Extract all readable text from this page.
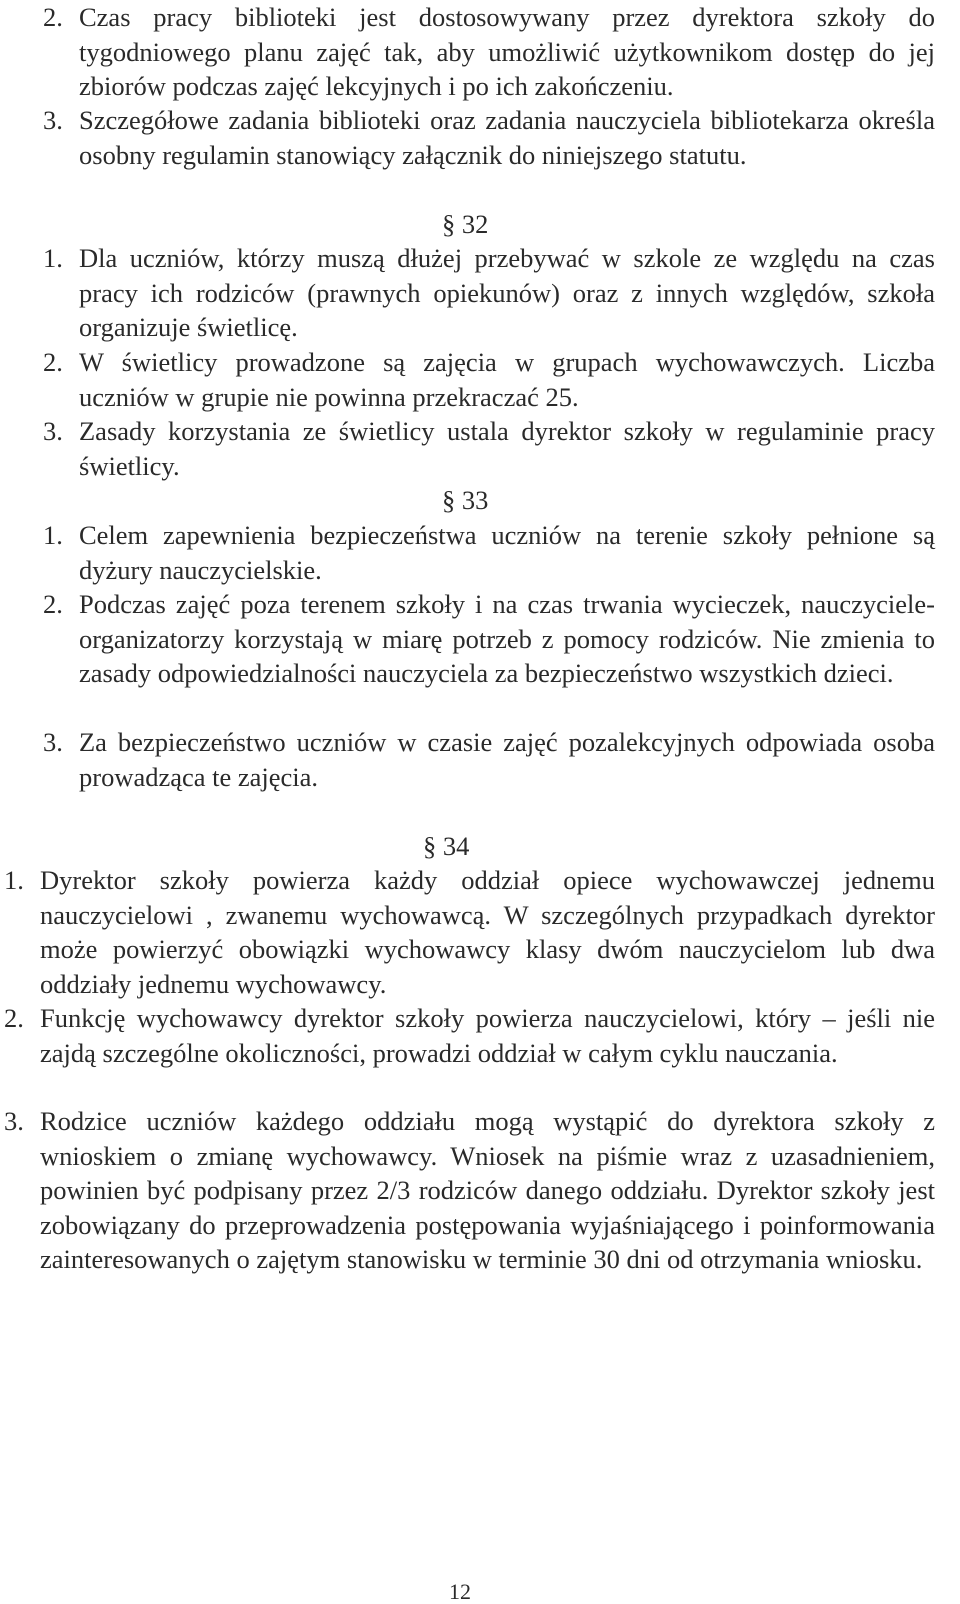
2. Czas pracy biblioteki jest dostosowywany przez dyrektora szkoły do tygodniowego planu zajęć tak, aby umożliwić użytkownikom dostęp do jej zbiorów podczas zajęć lekcyjnych i po ich zakończeniu.
3. Szczegółowe zadania biblioteki oraz zadania nauczyciela bibliotekarza określa osobny regulamin stanowiący załącznik do niniejszego statutu.
§ 32
1. Dla uczniów, którzy muszą dłużej przebywać w szkole ze względu na czas pracy ich rodziców (prawnych opiekunów) oraz z innych względów, szkoła organizuje świetlicę.
2. W świetlicy prowadzone są zajęcia w grupach wychowawczych. Liczba uczniów w grupie nie powinna przekraczać 25.
3. Zasady korzystania ze świetlicy ustala dyrektor szkoły w regulaminie pracy świetlicy.
§ 33
1. Celem zapewnienia bezpieczeństwa uczniów na terenie szkoły pełnione są dyżury nauczycielskie.
2. Podczas zajęć poza terenem szkoły i na czas trwania wycieczek, nauczyciele-organizatorzy korzystają w miarę potrzeb z pomocy rodziców. Nie zmienia to zasady odpowiedzialności nauczyciela za bezpieczeństwo wszystkich dzieci.
3. Za bezpieczeństwo uczniów w czasie zajęć pozalekcyjnych odpowiada osoba prowadząca te zajęcia.
§ 34
1. Dyrektor szkoły powierza każdy oddział opiece wychowawczej jednemu nauczycielowi , zwanemu wychowawcą. W szczególnych przypadkach dyrektor może powierzyć obowiązki wychowawcy klasy dwóm nauczycielom lub dwa oddziały jednemu wychowawcy.
2. Funkcję wychowawcy dyrektor szkoły powierza nauczycielowi, który – jeśli nie zajdą szczególne okoliczności, prowadzi oddział w całym cyklu nauczania.
3. Rodzice uczniów każdego oddziału mogą wystąpić do dyrektora szkoły z wnioskiem o zmianę wychowawcy. Wniosek na piśmie wraz z uzasadnieniem, powinien być podpisany przez 2/3 rodziców danego oddziału. Dyrektor szkoły jest zobowiązany do przeprowadzenia postępowania wyjaśniającego i poinformowania zainteresowanych o zajętym stanowisku w terminie 30 dni od otrzymania wniosku.
12
